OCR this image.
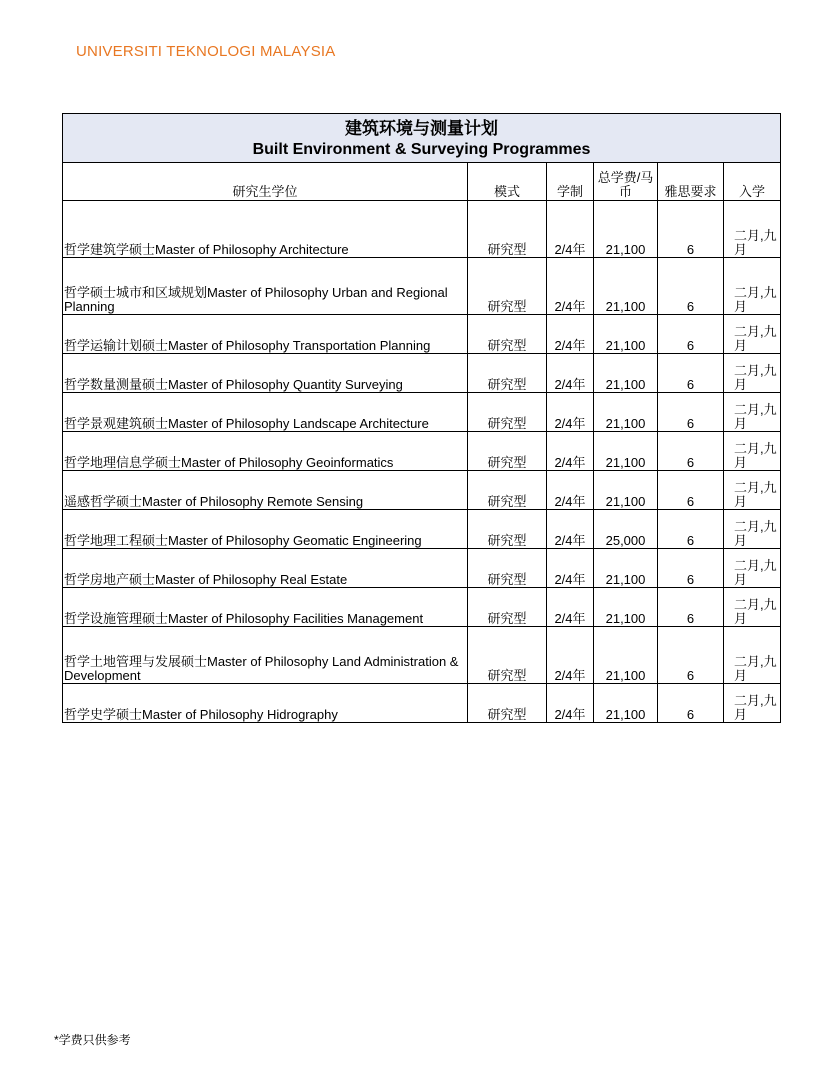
UNIVERSITI TEKNOLOGI MALAYSIA
建筑环境与测量计划
Built Environment & Surveying Programmes					

研究生学位	模式	学制	总学费/马币	雅思要求	入学
哲学建筑学硕士Master of Philosophy Architecture	研究型	2/4年	21,100	6	二月,九月
哲学硕士城市和区域规划Master of Philosophy Urban and Regional Planning	研究型	2/4年	21,100	6	二月,九月
哲学运输计划硕士Master of Philosophy Transportation Planning	研究型	2/4年	21,100	6	二月,九月
哲学数量测量硕士Master of Philosophy Quantity Surveying	研究型	2/4年	21,100	6	二月,九月
哲学景观建筑硕士Master of Philosophy Landscape Architecture	研究型	2/4年	21,100	6	二月,九月
哲学地理信息学硕士Master of Philosophy Geoinformatics	研究型	2/4年	21,100	6	二月,九月
遥感哲学硕士Master of Philosophy Remote Sensing	研究型	2/4年	21,100	6	二月,九月
哲学地理工程硕士Master of Philosophy Geomatic Engineering	研究型	2/4年	25,000	6	二月,九月
哲学房地产硕士Master of Philosophy Real Estate	研究型	2/4年	21,100	6	二月,九月
哲学设施管理硕士Master of Philosophy Facilities Management	研究型	2/4年	21,100	6	二月,九月
哲学土地管理与发展硕士Master of Philosophy Land Administration & Development	研究型	2/4年	21,100	6	二月,九月
哲学史学硕士Master of Philosophy Hidrography	研究型	2/4年	21,100	6	二月,九月
*学费只供参考
